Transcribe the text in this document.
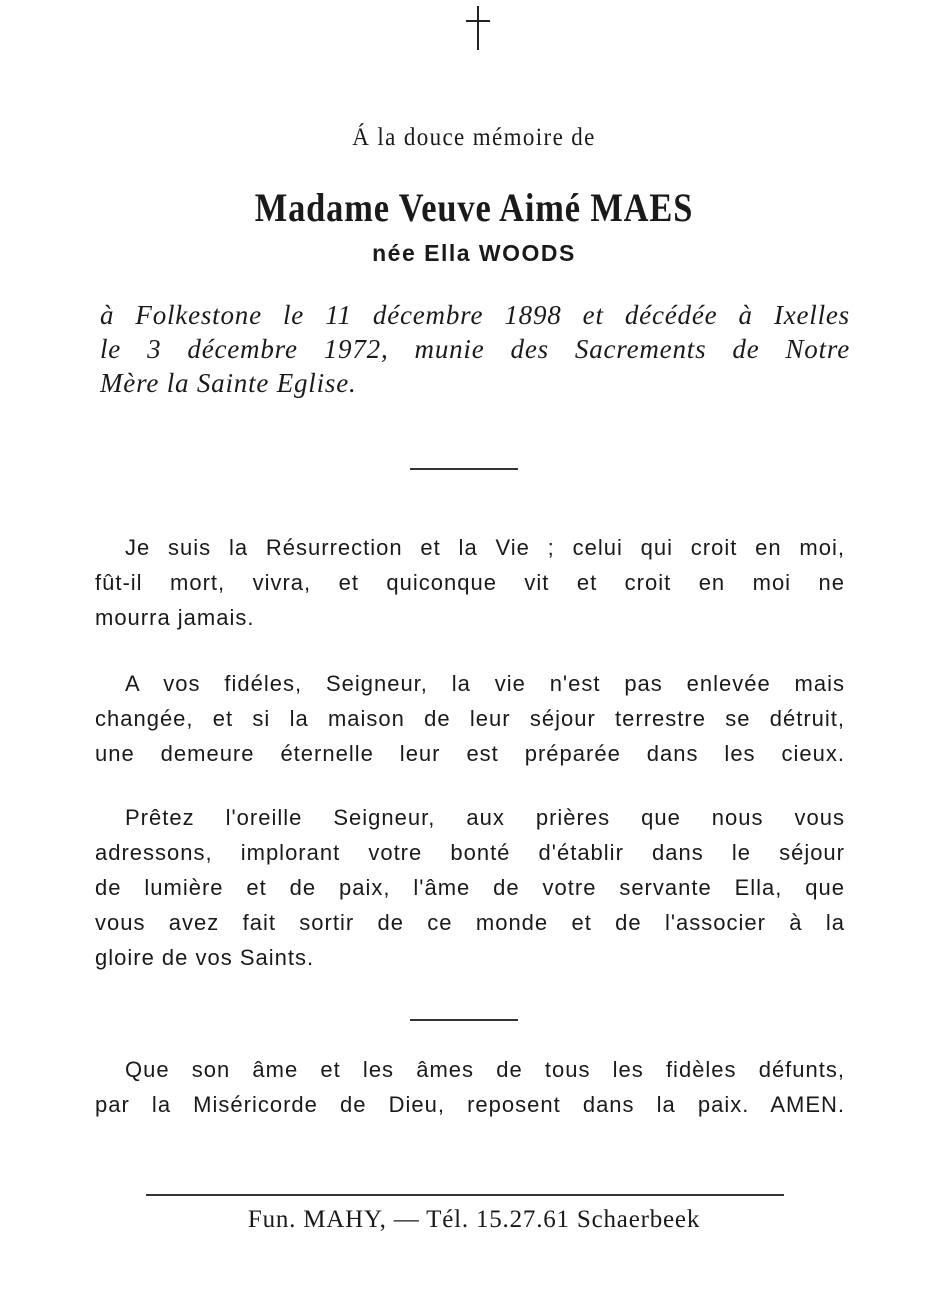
Á la douce mémoire de
Madame Veuve Aimé MAES
née Ella WOODS
à Folkestone le 11 décembre 1898 et décédée à Ixelles
le 3 décembre 1972, munie des Sacrements de Notre
Mère la Sainte Eglise.
Je suis la Résurrection et la Vie ; celui qui croit en moi,
fût-il mort, vivra, et quiconque vit et croit en moi ne
mourra jamais.
A vos fidéles, Seigneur, la vie n'est pas enlevée mais
changée, et si la maison de leur séjour terrestre se détruit,
une demeure éternelle leur est préparée dans les cieux.
Prêtez l'oreille Seigneur, aux prières que nous vous
adressons, implorant votre bonté d'établir dans le séjour
de lumière et de paix, l'âme de votre servante Ella, que
vous avez fait sortir de ce monde et de l'associer à la
gloire de vos Saints.
Que son âme et les âmes de tous les fidèles défunts,
par la Miséricorde de Dieu, reposent dans la paix. AMEN.
Fun. MAHY, — Tél. 15.27.61 Schaerbeek
